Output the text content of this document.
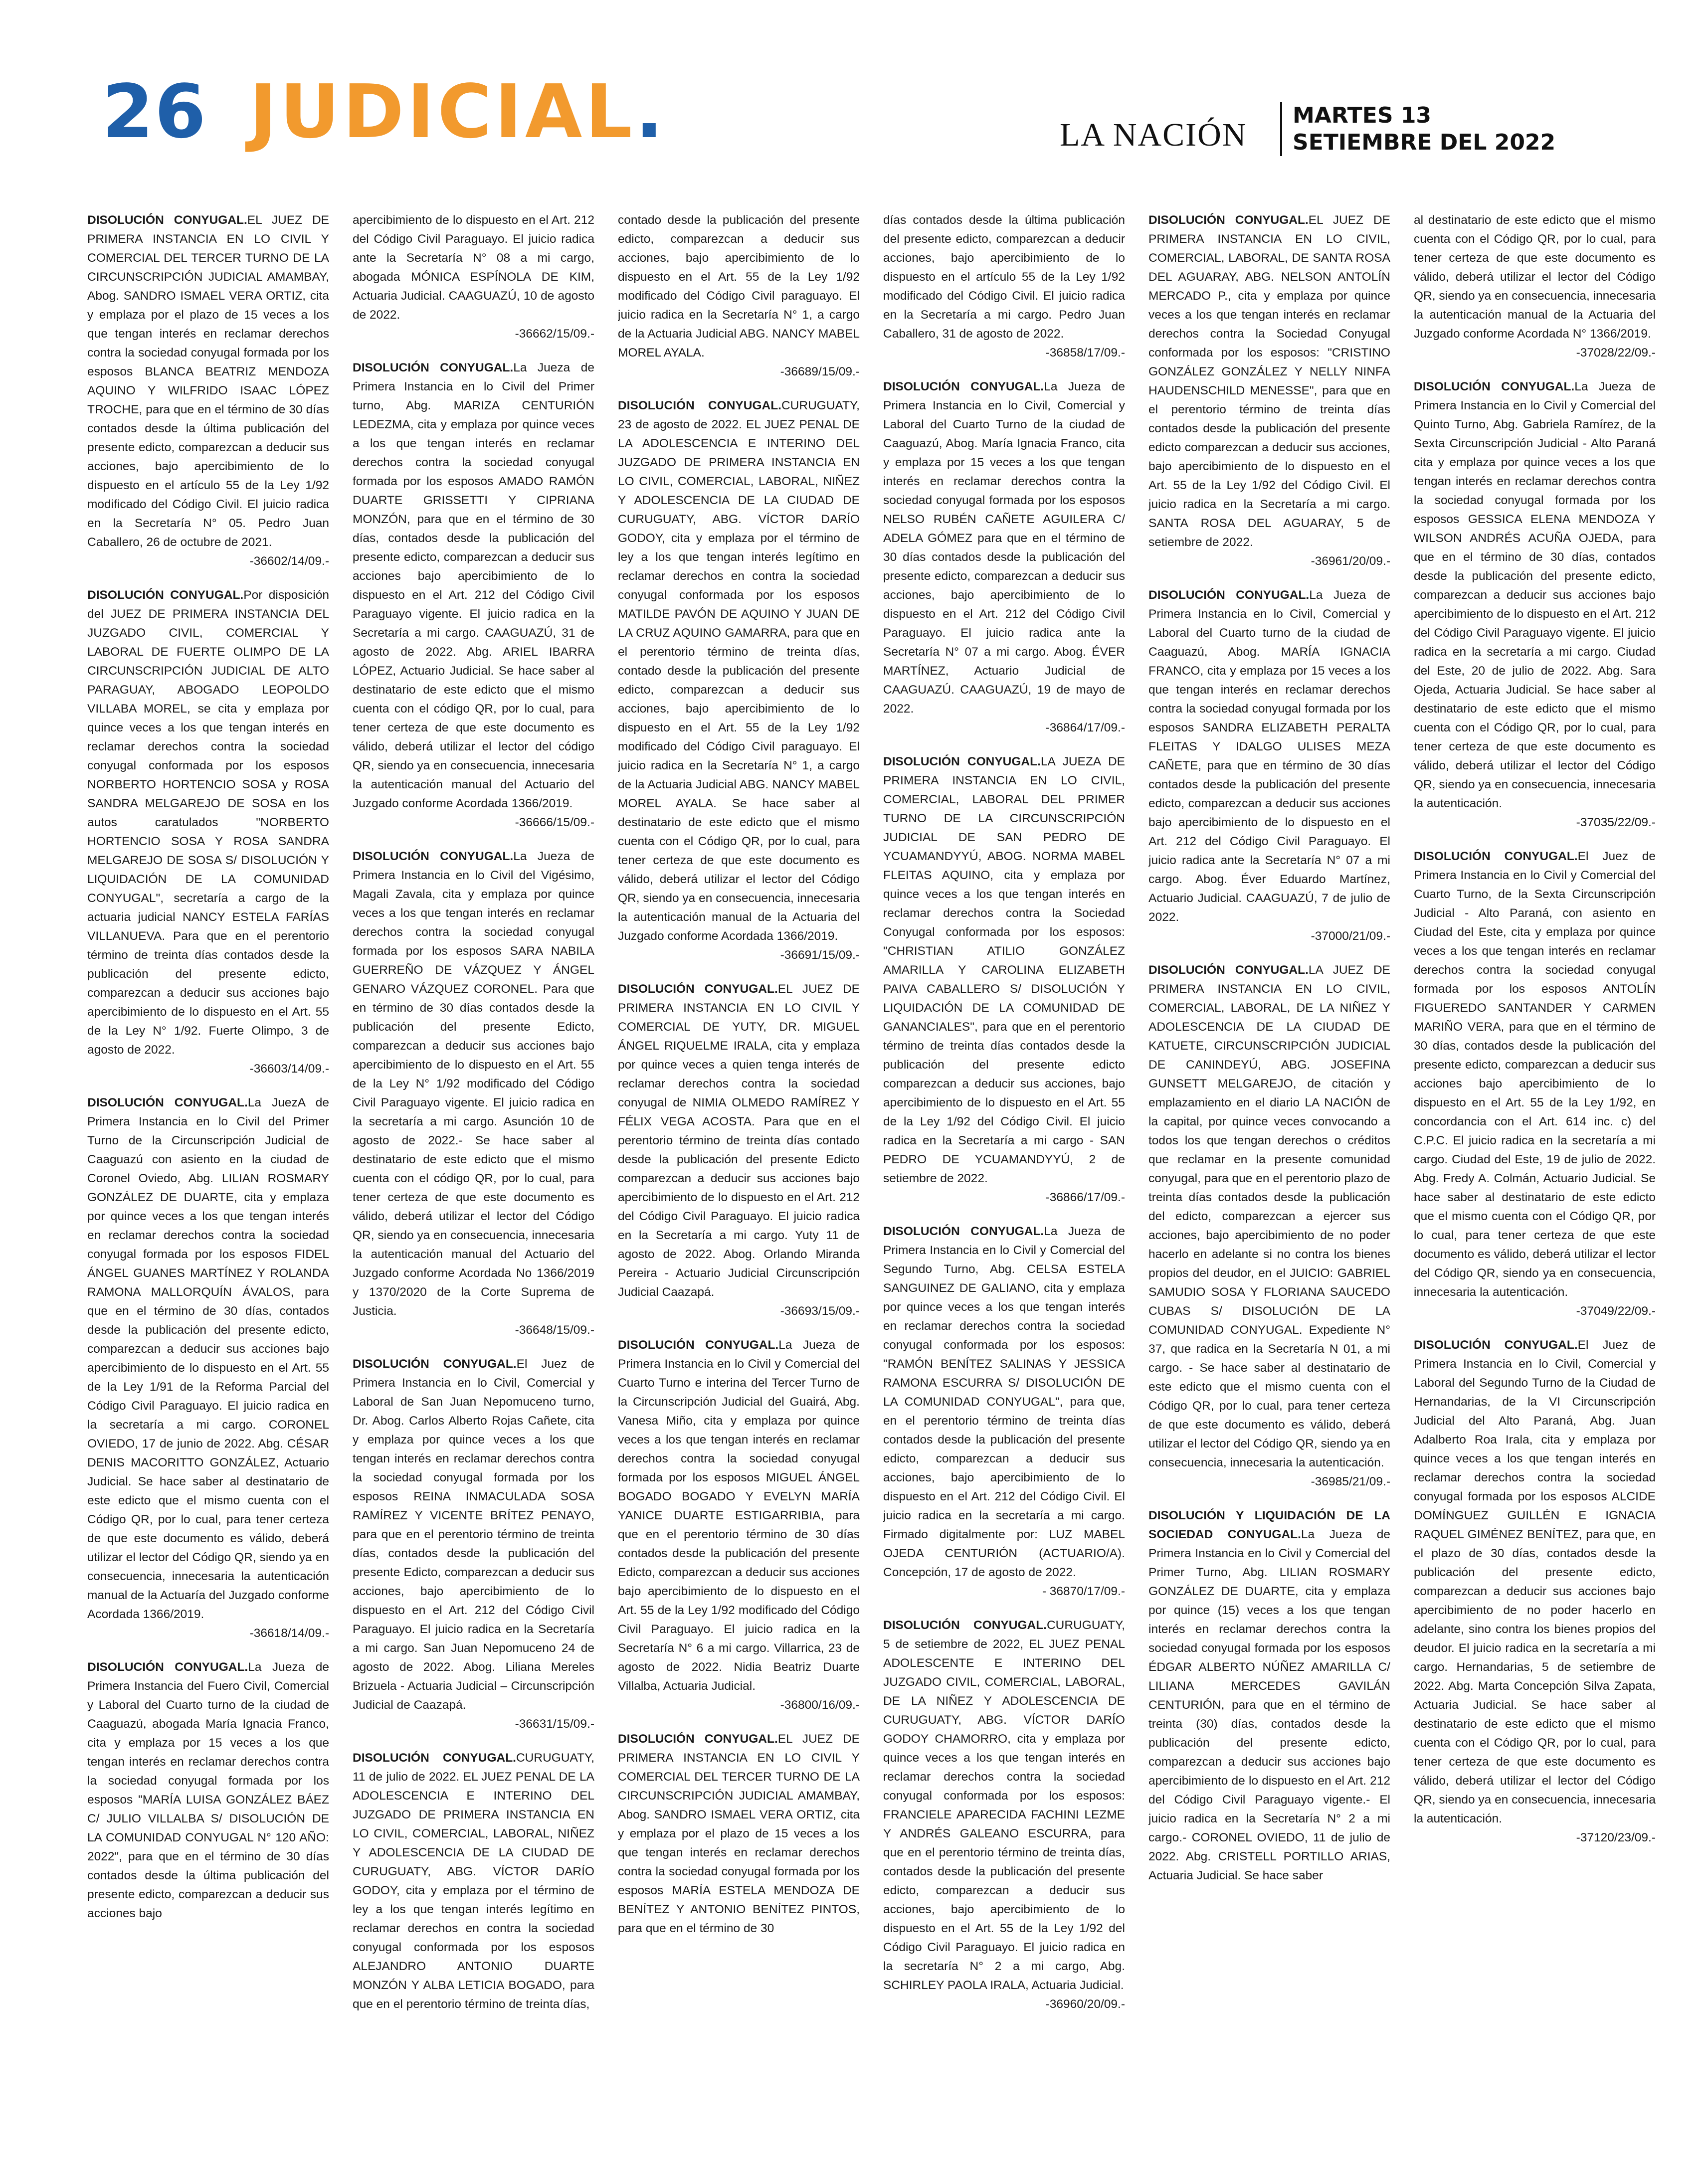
26 JUDICIAL.	LA NACIÓN
MARTES 13
SETIEMBRE DEL 2022
DISOLUCIÓN CONYUGAL.EL JUEZ DE PRIMERA INSTANCIA EN LO CIVIL Y COMERCIAL DEL TERCER TURNO DE LA CIRCUNSCRIPCIÓN JUDICIAL AMAMBAY, Abog. SANDRO ISMAEL VERA ORTIZ, cita y emplaza por el plazo de 15 veces a los que tengan interés en reclamar derechos contra la sociedad conyugal formada por los esposos BLANCA BEATRIZ MENDOZA AQUINO Y WILFRIDO ISAAC LÓPEZ TROCHE, para que en el término de 30 días contados desde la última publicación del presente edicto, comparezcan a deducir sus acciones, bajo apercibimiento de lo dispuesto en el artículo 55 de la Ley 1/92 modificado del Código Civil. El juicio radica en la Secretaría N° 05. Pedro Juan Caballero, 26 de octubre de 2021.
-36602/14/09.-
DISOLUCIÓN CONYUGAL.Por disposición del JUEZ DE PRIMERA INSTANCIA DEL JUZGADO CIVIL, COMERCIAL Y LABORAL DE FUERTE OLIMPO DE LA CIRCUNSCRIPCIÓN JUDICIAL DE ALTO PARAGUAY, ABOGADO LEOPOLDO VILLABA MOREL, se cita y emplaza por quince veces a los que tengan interés en reclamar derechos contra la sociedad conyugal conformada por los esposos NORBERTO HORTENCIO SOSA y ROSA SANDRA MELGAREJO DE SOSA en los autos caratulados "NORBERTO HORTENCIO SOSA Y ROSA SANDRA MELGAREJO DE SOSA S/ DISOLUCIÓN Y LIQUIDACIÓN DE LA COMUNIDAD CONYUGAL", secretaría a cargo de la actuaria judicial NANCY ESTELA FARÍAS VILLANUEVA. Para que en el perentorio término de treinta días contados desde la publicación del presente edicto, comparezcan a deducir sus acciones bajo apercibimiento de lo dispuesto en el Art. 55 de la Ley N° 1/92. Fuerte Olimpo, 3 de agosto de 2022.
-36603/14/09.-
DISOLUCIÓN CONYUGAL.La JuezA de Primera Instancia en lo Civil del Primer Turno de la Circunscripción Judicial de Caaguazú con asiento en la ciudad de Coronel Oviedo, Abg. LILIAN ROSMARY GONZÁLEZ DE DUARTE, cita y emplaza por quince veces a los que tengan interés en reclamar derechos contra la sociedad conyugal formada por los esposos FIDEL ÁNGEL GUANES MARTÍNEZ Y ROLANDA RAMONA MALLORQUÍN ÁVALOS, para que en el término de 30 días, contados desde la publicación del presente edicto, comparezcan a deducir sus acciones bajo apercibimiento de lo dispuesto en el Art. 55 de la Ley 1/91 de la Reforma Parcial del Código Civil Paraguayo. El juicio radica en la secretaría a mi cargo. CORONEL OVIEDO, 17 de junio de 2022. Abg. CÉSAR DENIS MACORITTO GONZÁLEZ, Actuario Judicial. Se hace saber al destinatario de este edicto que el mismo cuenta con el Código QR, por lo cual, para tener certeza de que este documento es válido, deberá utilizar el lector del Código QR, siendo ya en consecuencia, innecesaria la autenticación manual de la Actuaría del Juzgado conforme Acordada 1366/2019.
-36618/14/09.-
DISOLUCIÓN CONYUGAL.La Jueza de Primera Instancia del Fuero Civil, Comercial y Laboral del Cuarto turno de la ciudad de Caaguazú, abogada María Ignacia Franco, cita y emplaza por 15 veces a los que tengan interés en reclamar derechos contra la sociedad conyugal formada por los esposos "MARÍA LUISA GONZÁLEZ BÁEZ C/ JULIO VILLALBA S/ DISOLUCIÓN DE LA COMUNIDAD CONYUGAL N° 120 AÑO: 2022", para que en el término de 30 días contados desde la última publicación del presente edicto, comparezcan a deducir sus acciones bajo
apercibimiento de lo dispuesto en el Art. 212 del Código Civil Paraguayo. El juicio radica ante la Secretaría N° 08 a mi cargo, abogada MÓNICA ESPÍNOLA DE KIM, Actuaria Judicial. CAAGUAZÚ, 10 de agosto de 2022.
-36662/15/09.-
DISOLUCIÓN CONYUGAL.La Jueza de Primera Instancia en lo Civil del Primer turno, Abg. MARIZA CENTURIÓN LEDEZMA, cita y emplaza por quince veces a los que tengan interés en reclamar derechos contra la sociedad conyugal formada por los esposos AMADO RAMÓN DUARTE GRISSETTI Y CIPRIANA MONZÓN, para que en el término de 30 días, contados desde la publicación del presente edicto, comparezcan a deducir sus acciones bajo apercibimiento de lo dispuesto en el Art. 212 del Código Civil Paraguayo vigente. El juicio radica en la Secretaría a mi cargo. CAAGUAZÚ, 31 de agosto de 2022. Abg. ARIEL IBARRA LÓPEZ, Actuario Judicial. Se hace saber al destinatario de este edicto que el mismo cuenta con el código QR, por lo cual, para tener certeza de que este documento es válido, deberá utilizar el lector del código QR, siendo ya en consecuencia, innecesaria la autenticación manual del Actuario del Juzgado conforme Acordada 1366/2019.
-36666/15/09.-
DISOLUCIÓN CONYUGAL.La Jueza de Primera Instancia en lo Civil del Vigésimo, Magali Zavala, cita y emplaza por quince veces a los que tengan interés en reclamar derechos contra la sociedad conyugal formada por los esposos SARA NABILA GUERREÑO DE VÁZQUEZ Y ÁNGEL GENARO VÁZQUEZ CORONEL. Para que en término de 30 días contados desde la publicación del presente Edicto, comparezcan a deducir sus acciones bajo apercibimiento de lo dispuesto en el Art. 55 de la Ley N° 1/92 modificado del Código Civil Paraguayo vigente. El juicio radica en la secretaría a mi cargo. Asunción 10 de agosto de 2022.- Se hace saber al destinatario de este edicto que el mismo cuenta con el código QR, por lo cual, para tener certeza de que este documento es válido, deberá utilizar el lector del Código QR, siendo ya en consecuencia, innecesaria la autenticación manual del Actuario del Juzgado conforme Acordada No 1366/2019 y 1370/2020 de la Corte Suprema de Justicia.
-36648/15/09.-
DISOLUCIÓN CONYUGAL.El Juez de Primera Instancia en lo Civil, Comercial y Laboral de San Juan Nepomuceno turno, Dr. Abog. Carlos Alberto Rojas Cañete, cita y emplaza por quince veces a los que tengan interés en reclamar derechos contra la sociedad conyugal formada por los esposos REINA INMACULADA SOSA RAMÍREZ Y VICENTE BRÍTEZ PENAYO, para que en el perentorio término de treinta días, contados desde la publicación del presente Edicto, comparezcan a deducir sus acciones, bajo apercibimiento de lo dispuesto en el Art. 212 del Código Civil Paraguayo. El juicio radica en la Secretaría a mi cargo. San Juan Nepomuceno 24 de agosto de 2022. Abog. Liliana Mereles Brizuela - Actuaria Judicial – Circunscripción Judicial de Caazapá.
-36631/15/09.-
DISOLUCIÓN CONYUGAL.CURUGUATY, 11 de julio de 2022. EL JUEZ PENAL DE LA ADOLESCENCIA E INTERINO DEL JUZGADO DE PRIMERA INSTANCIA EN LO CIVIL, COMERCIAL, LABORAL, NIÑEZ Y ADOLESCENCIA DE LA CIUDAD DE CURUGUATY, ABG. VÍCTOR DARÍO GODOY, cita y emplaza por el término de ley a los que tengan interés legítimo en reclamar derechos en contra la sociedad conyugal conformada por los esposos ALEJANDRO ANTONIO DUARTE MONZÓN Y ALBA LETICIA BOGADO, para que en el perentorio término de treinta días,
contado desde la publicación del presente edicto, comparezcan a deducir sus acciones, bajo apercibimiento de lo dispuesto en el Art. 55 de la Ley 1/92 modificado del Código Civil paraguayo. El juicio radica en la Secretaría N° 1, a cargo de la Actuaria Judicial ABG. NANCY MABEL MOREL AYALA.
-36689/15/09.-
DISOLUCIÓN CONYUGAL.CURUGUATY, 23 de agosto de 2022. EL JUEZ PENAL DE LA ADOLESCENCIA E INTERINO DEL JUZGADO DE PRIMERA INSTANCIA EN LO CIVIL, COMERCIAL, LABORAL, NIÑEZ Y ADOLESCENCIA DE LA CIUDAD DE CURUGUATY, ABG. VÍCTOR DARÍO GODOY, cita y emplaza por el término de ley a los que tengan interés legítimo en reclamar derechos en contra la sociedad conyugal conformada por los esposos MATILDE PAVÓN DE AQUINO Y JUAN DE LA CRUZ AQUINO GAMARRA, para que en el perentorio término de treinta días, contado desde la publicación del presente edicto, comparezcan a deducir sus acciones, bajo apercibimiento de lo dispuesto en el Art. 55 de la Ley 1/92 modificado del Código Civil paraguayo. El juicio radica en la Secretaría N° 1, a cargo de la Actuaria Judicial ABG. NANCY MABEL MOREL AYALA. Se hace saber al destinatario de este edicto que el mismo cuenta con el Código QR, por lo cual, para tener certeza de que este documento es válido, deberá utilizar el lector del Código QR, siendo ya en consecuencia, innecesaria la autenticación manual de la Actuaria del Juzgado conforme Acordada 1366/2019.
-36691/15/09.-
DISOLUCIÓN CONYUGAL.EL JUEZ DE PRIMERA INSTANCIA EN LO CIVIL Y COMERCIAL DE YUTY, DR. MIGUEL ÁNGEL RIQUELME IRALA, cita y emplaza por quince veces a quien tenga interés de reclamar derechos contra la sociedad conyugal de NIMIA OLMEDO RAMÍREZ Y FÉLIX VEGA ACOSTA. Para que en el perentorio término de treinta días contado desde la publicación del presente Edicto comparezcan a deducir sus acciones bajo apercibimiento de lo dispuesto en el Art. 212 del Código Civil Paraguayo. El juicio radica en la Secretaría a mi cargo. Yuty 11 de agosto de 2022. Abog. Orlando Miranda Pereira - Actuario Judicial Circunscripción Judicial Caazapá.
-36693/15/09.-
DISOLUCIÓN CONYUGAL.La Jueza de Primera Instancia en lo Civil y Comercial del Cuarto Turno e interina del Tercer Turno de la Circunscripción Judicial del Guairá, Abg. Vanesa Miño, cita y emplaza por quince veces a los que tengan interés en reclamar derechos contra la sociedad conyugal formada por los esposos MIGUEL ÁNGEL BOGADO BOGADO Y EVELYN MARÍA YANICE DUARTE ESTIGARRIBIA, para que en el perentorio término de 30 días contados desde la publicación del presente Edicto, comparezcan a deducir sus acciones bajo apercibimiento de lo dispuesto en el Art. 55 de la Ley 1/92 modificado del Código Civil Paraguayo. El juicio radica en la Secretaría N° 6 a mi cargo. Villarrica, 23 de agosto de 2022. Nidia Beatriz Duarte Villalba, Actuaria Judicial.
-36800/16/09.-
DISOLUCIÓN CONYUGAL.EL JUEZ DE PRIMERA INSTANCIA EN LO CIVIL Y COMERCIAL DEL TERCER TURNO DE LA CIRCUNSCRIPCIÓN JUDICIAL AMAMBAY, Abog. SANDRO ISMAEL VERA ORTIZ, cita y emplaza por el plazo de 15 veces a los que tengan interés en reclamar derechos contra la sociedad conyugal formada por los esposos MARÍA ESTELA MENDOZA DE BENÍTEZ Y ANTONIO BENÍTEZ PINTOS, para que en el término de 30
días contados desde la última publicación del presente edicto, comparezcan a deducir acciones, bajo apercibimiento de lo dispuesto en el artículo 55 de la Ley 1/92 modificado del Código Civil. El juicio radica en la Secretaría a mi cargo. Pedro Juan Caballero, 31 de agosto de 2022.
-36858/17/09.-
DISOLUCIÓN CONYUGAL.La Jueza de Primera Instancia en lo Civil, Comercial y Laboral del Cuarto Turno de la ciudad de Caaguazú, Abog. María Ignacia Franco, cita y emplaza por 15 veces a los que tengan interés en reclamar derechos contra la sociedad conyugal formada por los esposos NELSO RUBÉN CAÑETE AGUILERA C/ ADELA GÓMEZ para que en el término de 30 días contados desde la publicación del presente edicto, comparezcan a deducir sus acciones, bajo apercibimiento de lo dispuesto en el Art. 212 del Código Civil Paraguayo. El juicio radica ante la Secretaría N° 07 a mi cargo. Abog. ÉVER MARTÍNEZ, Actuario Judicial de CAAGUAZÚ. CAAGUAZÚ, 19 de mayo de 2022.
-36864/17/09.-
DISOLUCIÓN CONYUGAL.LA JUEZA DE PRIMERA INSTANCIA EN LO CIVIL, COMERCIAL, LABORAL DEL PRIMER TURNO DE LA CIRCUNSCRIPCIÓN JUDICIAL DE SAN PEDRO DE YCUAMANDYYÚ, ABOG. NORMA MABEL FLEITAS AQUINO, cita y emplaza por quince veces a los que tengan interés en reclamar derechos contra la Sociedad Conyugal conformada por los esposos: "CHRISTIAN ATILIO GONZÁLEZ AMARILLA Y CAROLINA ELIZABETH PAIVA CABALLERO S/ DISOLUCIÓN Y LIQUIDACIÓN DE LA COMUNIDAD DE GANANCIALES", para que en el perentorio término de treinta días contados desde la publicación del presente edicto comparezcan a deducir sus acciones, bajo apercibimiento de lo dispuesto en el Art. 55 de la Ley 1/92 del Código Civil. El juicio radica en la Secretaría a mi cargo - SAN PEDRO DE YCUAMANDYYÚ, 2 de setiembre de 2022.
-36866/17/09.-
DISOLUCIÓN CONYUGAL.La Jueza de Primera Instancia en lo Civil y Comercial del Segundo Turno, Abg. CELSA ESTELA SANGUINEZ DE GALIANO, cita y emplaza por quince veces a los que tengan interés en reclamar derechos contra la sociedad conyugal conformada por los esposos: "RAMÓN BENÍTEZ SALINAS Y JESSICA RAMONA ESCURRA S/ DISOLUCIÓN DE LA COMUNIDAD CONYUGAL", para que, en el perentorio término de treinta días contados desde la publicación del presente edicto, comparezcan a deducir sus acciones, bajo apercibimiento de lo dispuesto en el Art. 212 del Código Civil. El juicio radica en la secretaría a mi cargo. Firmado digitalmente por: LUZ MABEL OJEDA CENTURIÓN (ACTUARIO/A). Concepción, 17 de agosto de 2022.
- 36870/17/09.-
DISOLUCIÓN CONYUGAL.CURUGUATY, 5 de setiembre de 2022, EL JUEZ PENAL ADOLESCENTE E INTERINO DEL JUZGADO CIVIL, COMERCIAL, LABORAL, DE LA NIÑEZ Y ADOLESCENCIA DE CURUGUATY, ABG. VÍCTOR DARÍO GODOY CHAMORRO, cita y emplaza por quince veces a los que tengan interés en reclamar derechos contra la sociedad conyugal conformada por los esposos: FRANCIELE APARECIDA FACHINI LEZME Y ANDRÉS GALEANO ESCURRA, para que en el perentorio término de treinta días, contados desde la publicación del presente edicto, comparezcan a deducir sus acciones, bajo apercibimiento de lo dispuesto en el Art. 55 de la Ley 1/92 del Código Civil Paraguayo. El juicio radica en la secretaría N° 2 a mi cargo, Abg. SCHIRLEY PAOLA IRALA, Actuaria Judicial.
-36960/20/09.-
DISOLUCIÓN CONYUGAL.EL JUEZ DE PRIMERA INSTANCIA EN LO CIVIL, COMERCIAL, LABORAL, DE SANTA ROSA DEL AGUARAY, ABG. NELSON ANTOLÍN MERCADO P., cita y emplaza por quince veces a los que tengan interés en reclamar derechos contra la Sociedad Conyugal conformada por los esposos: "CRISTINO GONZÁLEZ GONZÁLEZ Y NELLY NINFA HAUDENSCHILD MENESSE", para que en el perentorio término de treinta días contados desde la publicación del presente edicto comparezcan a deducir sus acciones, bajo apercibimiento de lo dispuesto en el Art. 55 de la Ley 1/92 del Código Civil. El juicio radica en la Secretaría a mi cargo. SANTA ROSA DEL AGUARAY, 5 de setiembre de 2022.
-36961/20/09.-
DISOLUCIÓN CONYUGAL.La Jueza de Primera Instancia en lo Civil, Comercial y Laboral del Cuarto turno de la ciudad de Caaguazú, Abog. MARÍA IGNACIA FRANCO, cita y emplaza por 15 veces a los que tengan interés en reclamar derechos contra la sociedad conyugal formada por los esposos SANDRA ELIZABETH PERALTA FLEITAS Y IDALGO ULISES MEZA CAÑETE, para que en término de 30 días contados desde la publicación del presente edicto, comparezcan a deducir sus acciones bajo apercibimiento de lo dispuesto en el Art. 212 del Código Civil Paraguayo. El juicio radica ante la Secretaría N° 07 a mi cargo. Abog. Éver Eduardo Martínez, Actuario Judicial. CAAGUAZÚ, 7 de julio de 2022.
-37000/21/09.-
DISOLUCIÓN CONYUGAL.LA JUEZ DE PRIMERA INSTANCIA EN LO CIVIL, COMERCIAL, LABORAL, DE LA NIÑEZ Y ADOLESCENCIA DE LA CIUDAD DE KATUETE, CIRCUNSCRIPCIÓN JUDICIAL DE CANINDEYÚ, ABG. JOSEFINA GUNSETT MELGAREJO, de citación y emplazamiento en el diario LA NACIÓN de la capital, por quince veces convocando a todos los que tengan derechos o créditos que reclamar en la presente comunidad conyugal, para que en el perentorio plazo de treinta días contados desde la publicación del edicto, comparezcan a ejercer sus acciones, bajo apercibimiento de no poder hacerlo en adelante si no contra los bienes propios del deudor, en el JUICIO: GABRIEL SAMUDIO SOSA Y FLORIANA SAUCEDO CUBAS S/ DISOLUCIÓN DE LA COMUNIDAD CONYUGAL. Expediente N° 37, que radica en la Secretaría N 01, a mi cargo. - Se hace saber al destinatario de este edicto que el mismo cuenta con el Código QR, por lo cual, para tener certeza de que este documento es válido, deberá utilizar el lector del Código QR, siendo ya en consecuencia, innecesaria la autenticación.
-36985/21/09.-
DISOLUCIÓN Y LIQUIDACIÓN DE LA SOCIEDAD CONYUGAL.La Jueza de Primera Instancia en lo Civil y Comercial del Primer Turno, Abg. LILIAN ROSMARY GONZÁLEZ DE DUARTE, cita y emplaza por quince (15) veces a los que tengan interés en reclamar derechos contra la sociedad conyugal formada por los esposos ÉDGAR ALBERTO NÚÑEZ AMARILLA C/ LILIANA MERCEDES GAVILÁN CENTURIÓN, para que en el término de treinta (30) días, contados desde la publicación del presente edicto, comparezcan a deducir sus acciones bajo apercibimiento de lo dispuesto en el Art. 212 del Código Civil Paraguayo vigente.- El juicio radica en la Secretaría N° 2 a mi cargo.- CORONEL OVIEDO, 11 de julio de 2022. Abg. CRISTELL PORTILLO ARIAS, Actuaria Judicial. Se hace saber
al destinatario de este edicto que el mismo cuenta con el Código QR, por lo cual, para tener certeza de que este documento es válido, deberá utilizar el lector del Código QR, siendo ya en consecuencia, innecesaria la autenticación manual de la Actuaria del Juzgado conforme Acordada N° 1366/2019.
-37028/22/09.-
DISOLUCIÓN CONYUGAL.La Jueza de Primera Instancia en lo Civil y Comercial del Quinto Turno, Abg. Gabriela Ramírez, de la Sexta Circunscripción Judicial - Alto Paraná cita y emplaza por quince veces a los que tengan interés en reclamar derechos contra la sociedad conyugal formada por los esposos GESSICA ELENA MENDOZA Y WILSON ANDRÉS ACUÑA OJEDA, para que en el término de 30 días, contados desde la publicación del presente edicto, comparezcan a deducir sus acciones bajo apercibimiento de lo dispuesto en el Art. 212 del Código Civil Paraguayo vigente. El juicio radica en la secretaría a mi cargo. Ciudad del Este, 20 de julio de 2022. Abg. Sara Ojeda, Actuaria Judicial. Se hace saber al destinatario de este edicto que el mismo cuenta con el Código QR, por lo cual, para tener certeza de que este documento es válido, deberá utilizar el lector del Código QR, siendo ya en consecuencia, innecesaria la autenticación.
-37035/22/09.-
DISOLUCIÓN CONYUGAL.El Juez de Primera Instancia en lo Civil y Comercial del Cuarto Turno, de la Sexta Circunscripción Judicial - Alto Paraná, con asiento en Ciudad del Este, cita y emplaza por quince veces a los que tengan interés en reclamar derechos contra la sociedad conyugal formada por los esposos ANTOLÍN FIGUEREDO SANTANDER Y CARMEN MARIÑO VERA, para que en el término de 30 días, contados desde la publicación del presente edicto, comparezcan a deducir sus acciones bajo apercibimiento de lo dispuesto en el Art. 55 de la Ley 1/92, en concordancia con el Art. 614 inc. c) del C.P.C. El juicio radica en la secretaría a mi cargo. Ciudad del Este, 19 de julio de 2022. Abg. Fredy A. Colmán, Actuario Judicial. Se hace saber al destinatario de este edicto que el mismo cuenta con el Código QR, por lo cual, para tener certeza de que este documento es válido, deberá utilizar el lector del Código QR, siendo ya en consecuencia, innecesaria la autenticación.
-37049/22/09.-
DISOLUCIÓN CONYUGAL.El Juez de Primera Instancia en lo Civil, Comercial y Laboral del Segundo Turno de la Ciudad de Hernandarias, de la VI Circunscripción Judicial del Alto Paraná, Abg. Juan Adalberto Roa Irala, cita y emplaza por quince veces a los que tengan interés en reclamar derechos contra la sociedad conyugal formada por los esposos ALCIDE DOMÍNGUEZ GUILLÉN E IGNACIA RAQUEL GIMÉNEZ BENÍTEZ, para que, en el plazo de 30 días, contados desde la publicación del presente edicto, comparezcan a deducir sus acciones bajo apercibimiento de no poder hacerlo en adelante, sino contra los bienes propios del deudor. El juicio radica en la secretaría a mi cargo. Hernandarias, 5 de setiembre de 2022. Abg. Marta Concepción Silva Zapata, Actuaria Judicial. Se hace saber al destinatario de este edicto que el mismo cuenta con el Código QR, por lo cual, para tener certeza de que este documento es válido, deberá utilizar el lector del Código QR, siendo ya en consecuencia, innecesaria la autenticación.
-37120/23/09.-
